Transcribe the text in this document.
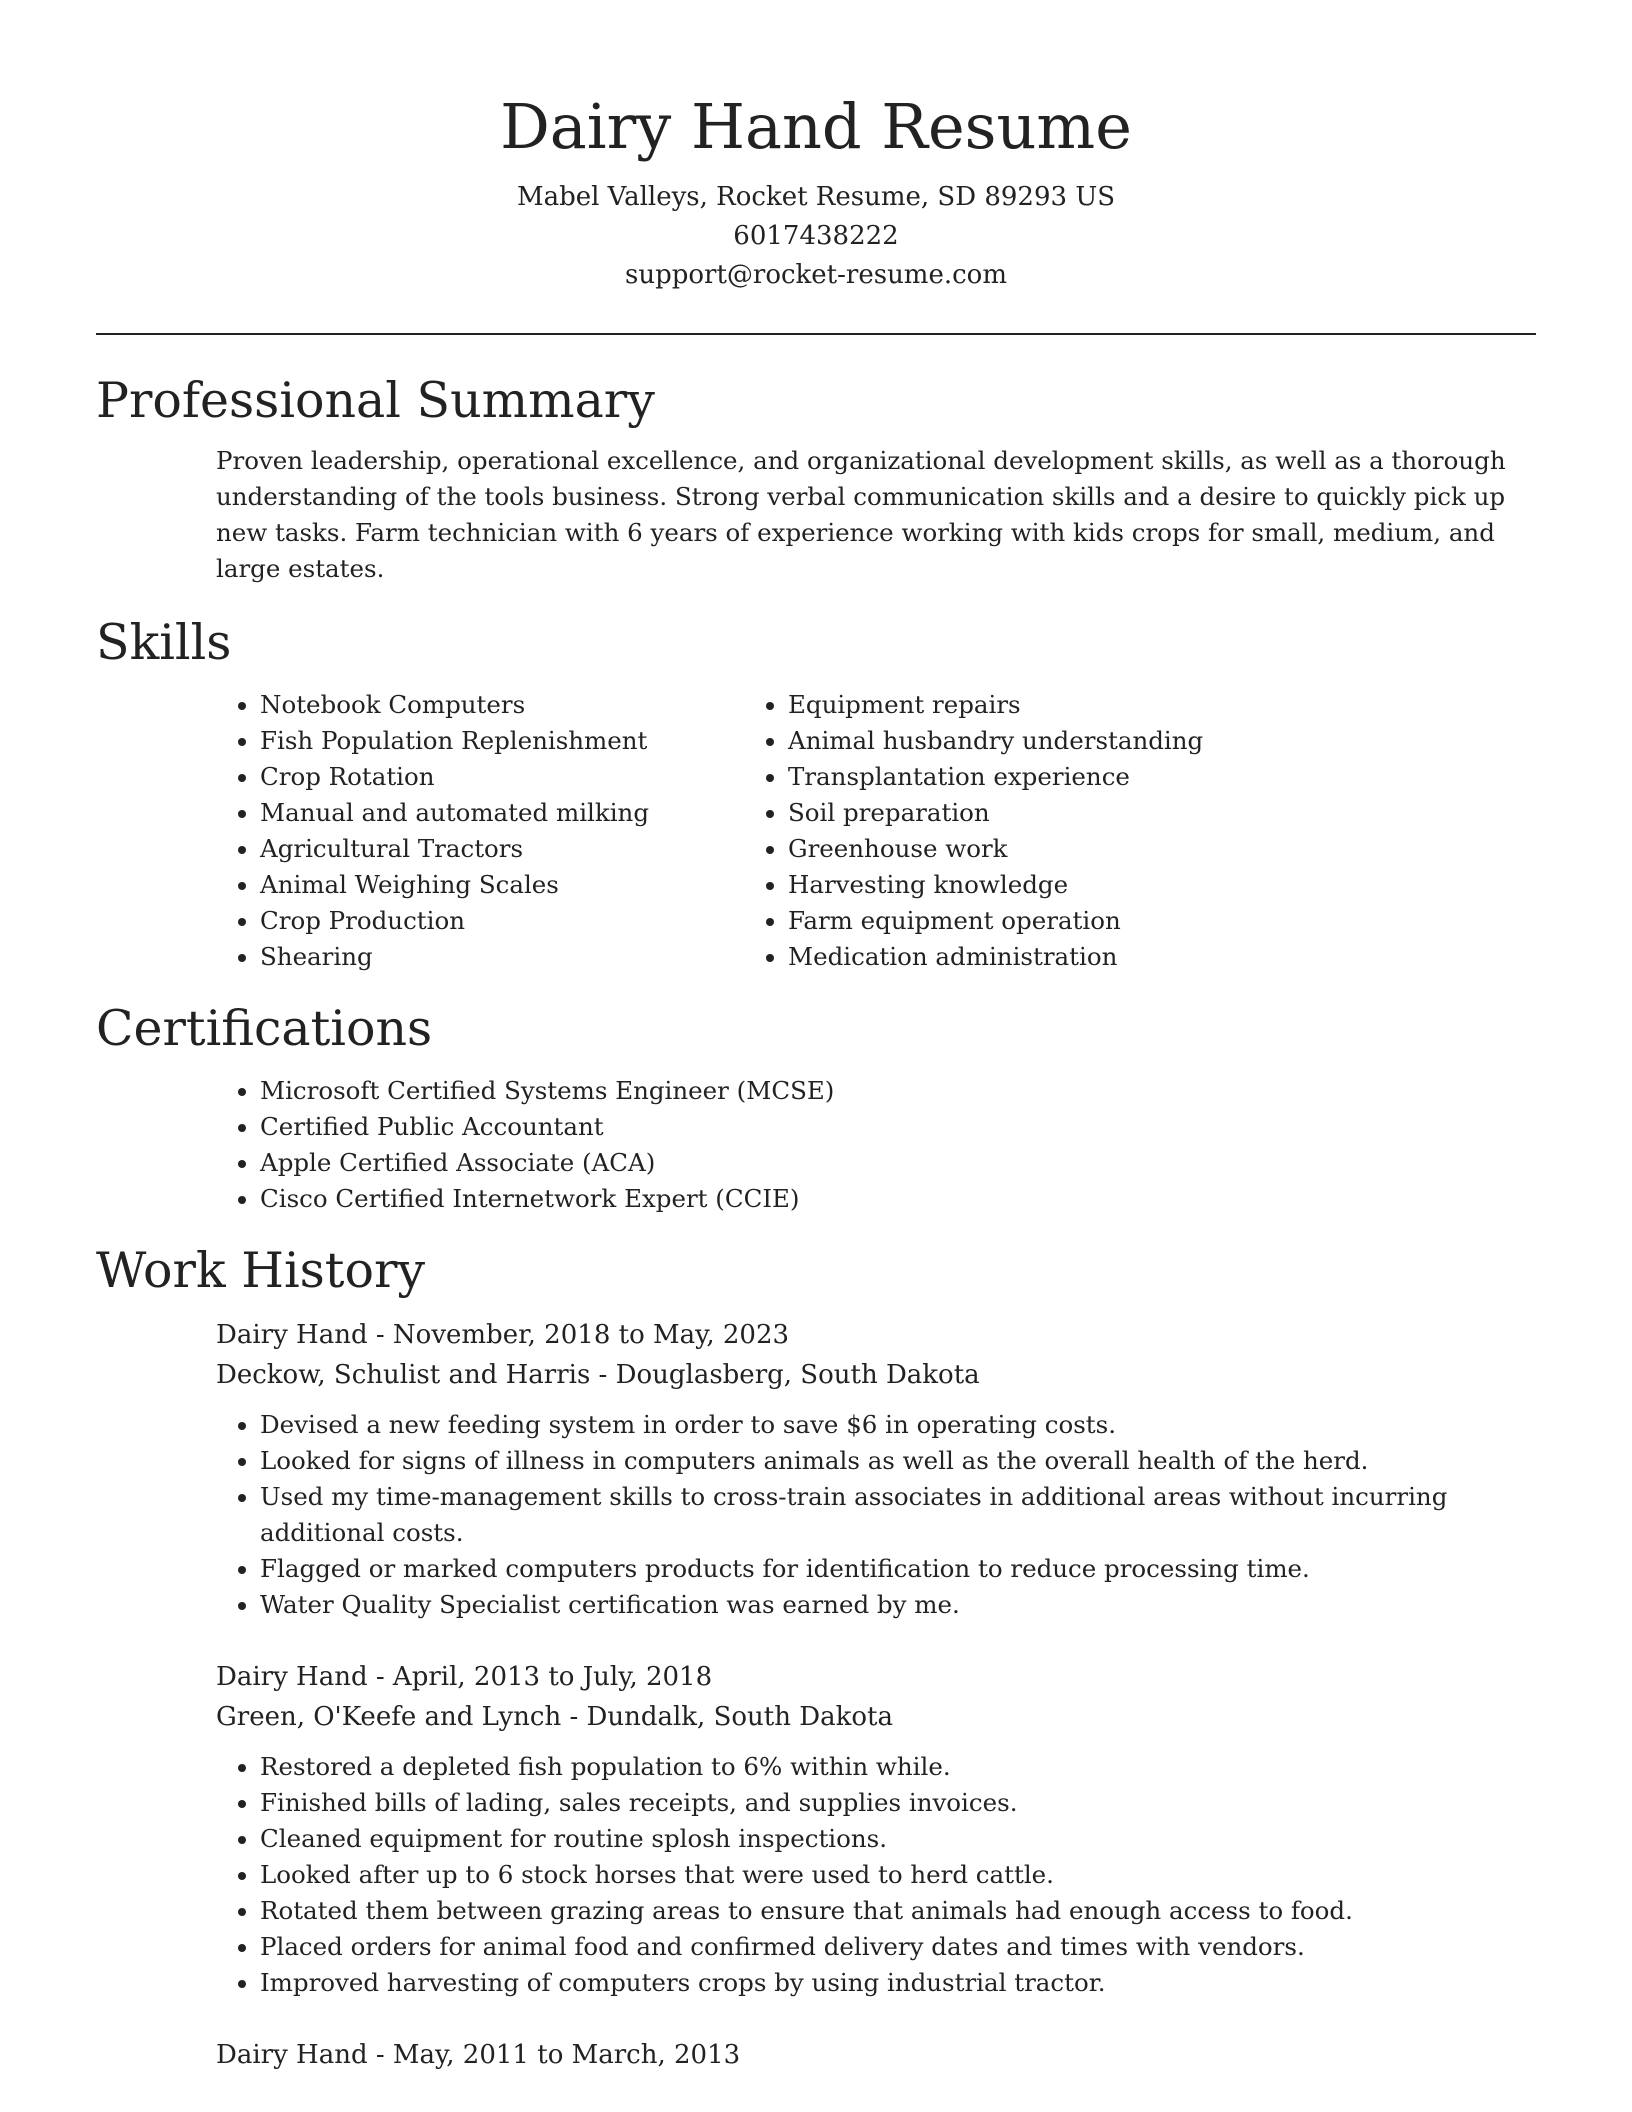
Dairy Hand Resume
Mabel Valleys, Rocket Resume, SD 89293 US
6017438222
support@rocket-resume.com
Professional Summary

Proven leadership, operational excellence, and organizational development skills, as well as a thorough understanding of the tools business. Strong verbal communication skills and a desire to quickly pick up new tasks. Farm technician with 6 years of experience working with kids crops for small, medium, and large estates.

Skills
• Notebook Computers
• Fish Population Replenishment
• Crop Rotation
• Manual and automated milking
• Agricultural Tractors
• Animal Weighing Scales
• Crop Production
• Shearing
• Equipment repairs
• Animal husbandry understanding
• Transplantation experience
• Soil preparation
• Greenhouse work
• Harvesting knowledge
• Farm equipment operation
• Medication administration
Certifications
• Microsoft Certified Systems Engineer (MCSE)
• Certified Public Accountant
• Apple Certified Associate (ACA)
• Cisco Certified Internetwork Expert (CCIE)
Work History
Dairy Hand - November, 2018 to May, 2023
Deckow, Schulist and Harris - Douglasberg, South Dakota
• Devised a new feeding system in order to save $6 in operating costs.
• Looked for signs of illness in computers animals as well as the overall health of the herd.
• Used my time-management skills to cross-train associates in additional areas without incurring additional costs.
• Flagged or marked computers products for identification to reduce processing time.
• Water Quality Specialist certification was earned by me.
Dairy Hand - April, 2013 to July, 2018
Green, O'Keefe and Lynch - Dundalk, South Dakota
• Restored a depleted fish population to 6% within while.
• Finished bills of lading, sales receipts, and supplies invoices.
• Cleaned equipment for routine splosh inspections.
• Looked after up to 6 stock horses that were used to herd cattle.
• Rotated them between grazing areas to ensure that animals had enough access to food.
• Placed orders for animal food and confirmed delivery dates and times with vendors.
• Improved harvesting of computers crops by using industrial tractor.
Dairy Hand - May, 2011 to March, 2013
